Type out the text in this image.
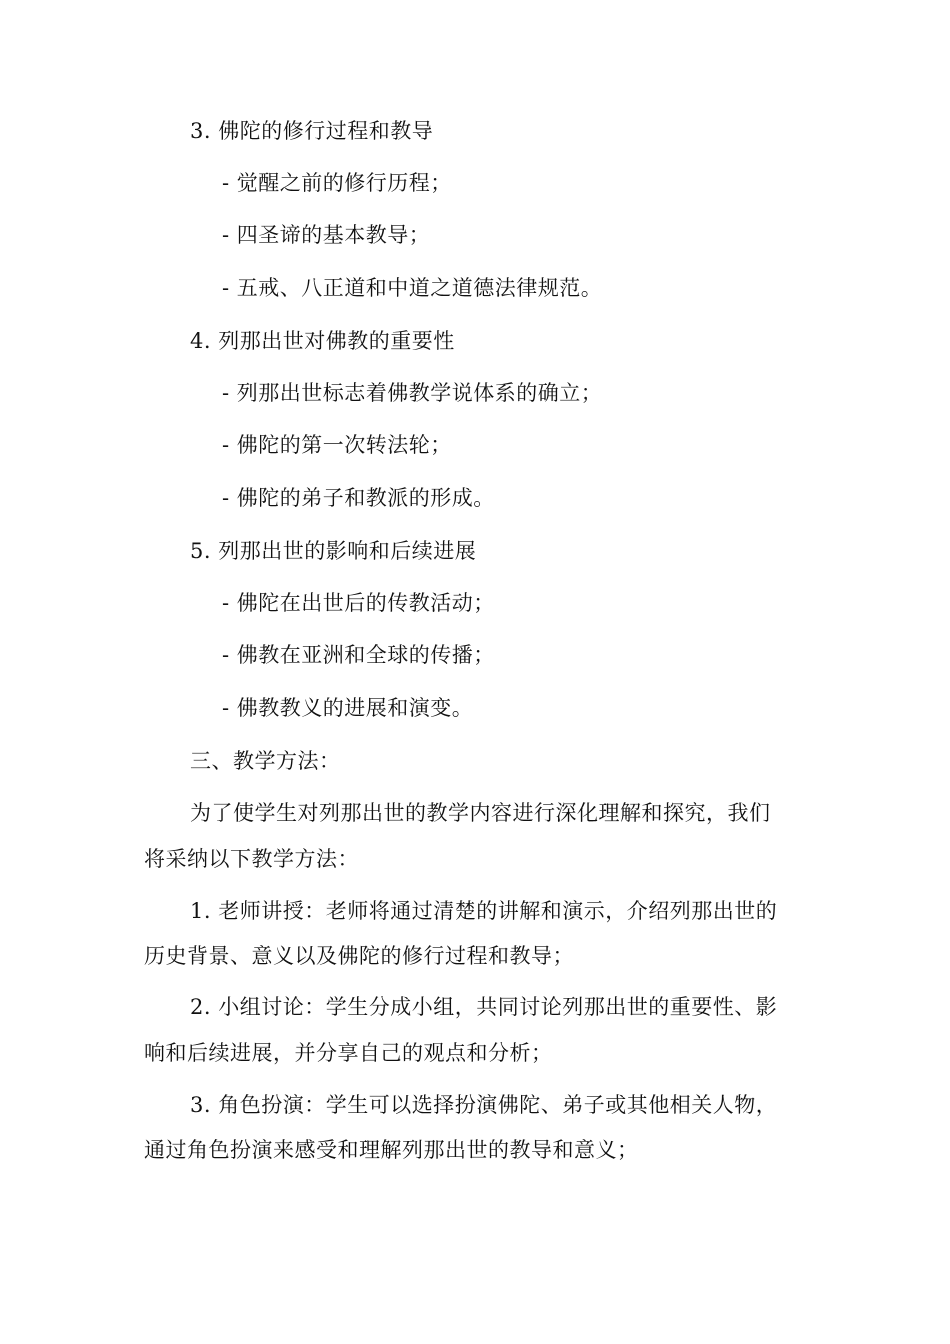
3. 佛陀的修行过程和教导
- 觉醒之前的修行历程；
- 四圣谛的基本教导；
- 五戒、八正道和中道之道德法律规范。
4. 列那出世对佛教的重要性
- 列那出世标志着佛教学说体系的确立；
- 佛陀的第一次转法轮；
- 佛陀的弟子和教派的形成。
5. 列那出世的影响和后续进展
- 佛陀在出世后的传教活动；
- 佛教在亚洲和全球的传播；
- 佛教教义的进展和演变。
三、教学方法：
为了使学生对列那出世的教学内容进行深化理解和探究，我们
将采纳以下教学方法：
1. 老师讲授：老师将通过清楚的讲解和演示，介绍列那出世的
历史背景、意义以及佛陀的修行过程和教导；
2. 小组讨论：学生分成小组，共同讨论列那出世的重要性、影
响和后续进展，并分享自己的观点和分析；
3. 角色扮演：学生可以选择扮演佛陀、弟子或其他相关人物，
通过角色扮演来感受和理解列那出世的教导和意义；
